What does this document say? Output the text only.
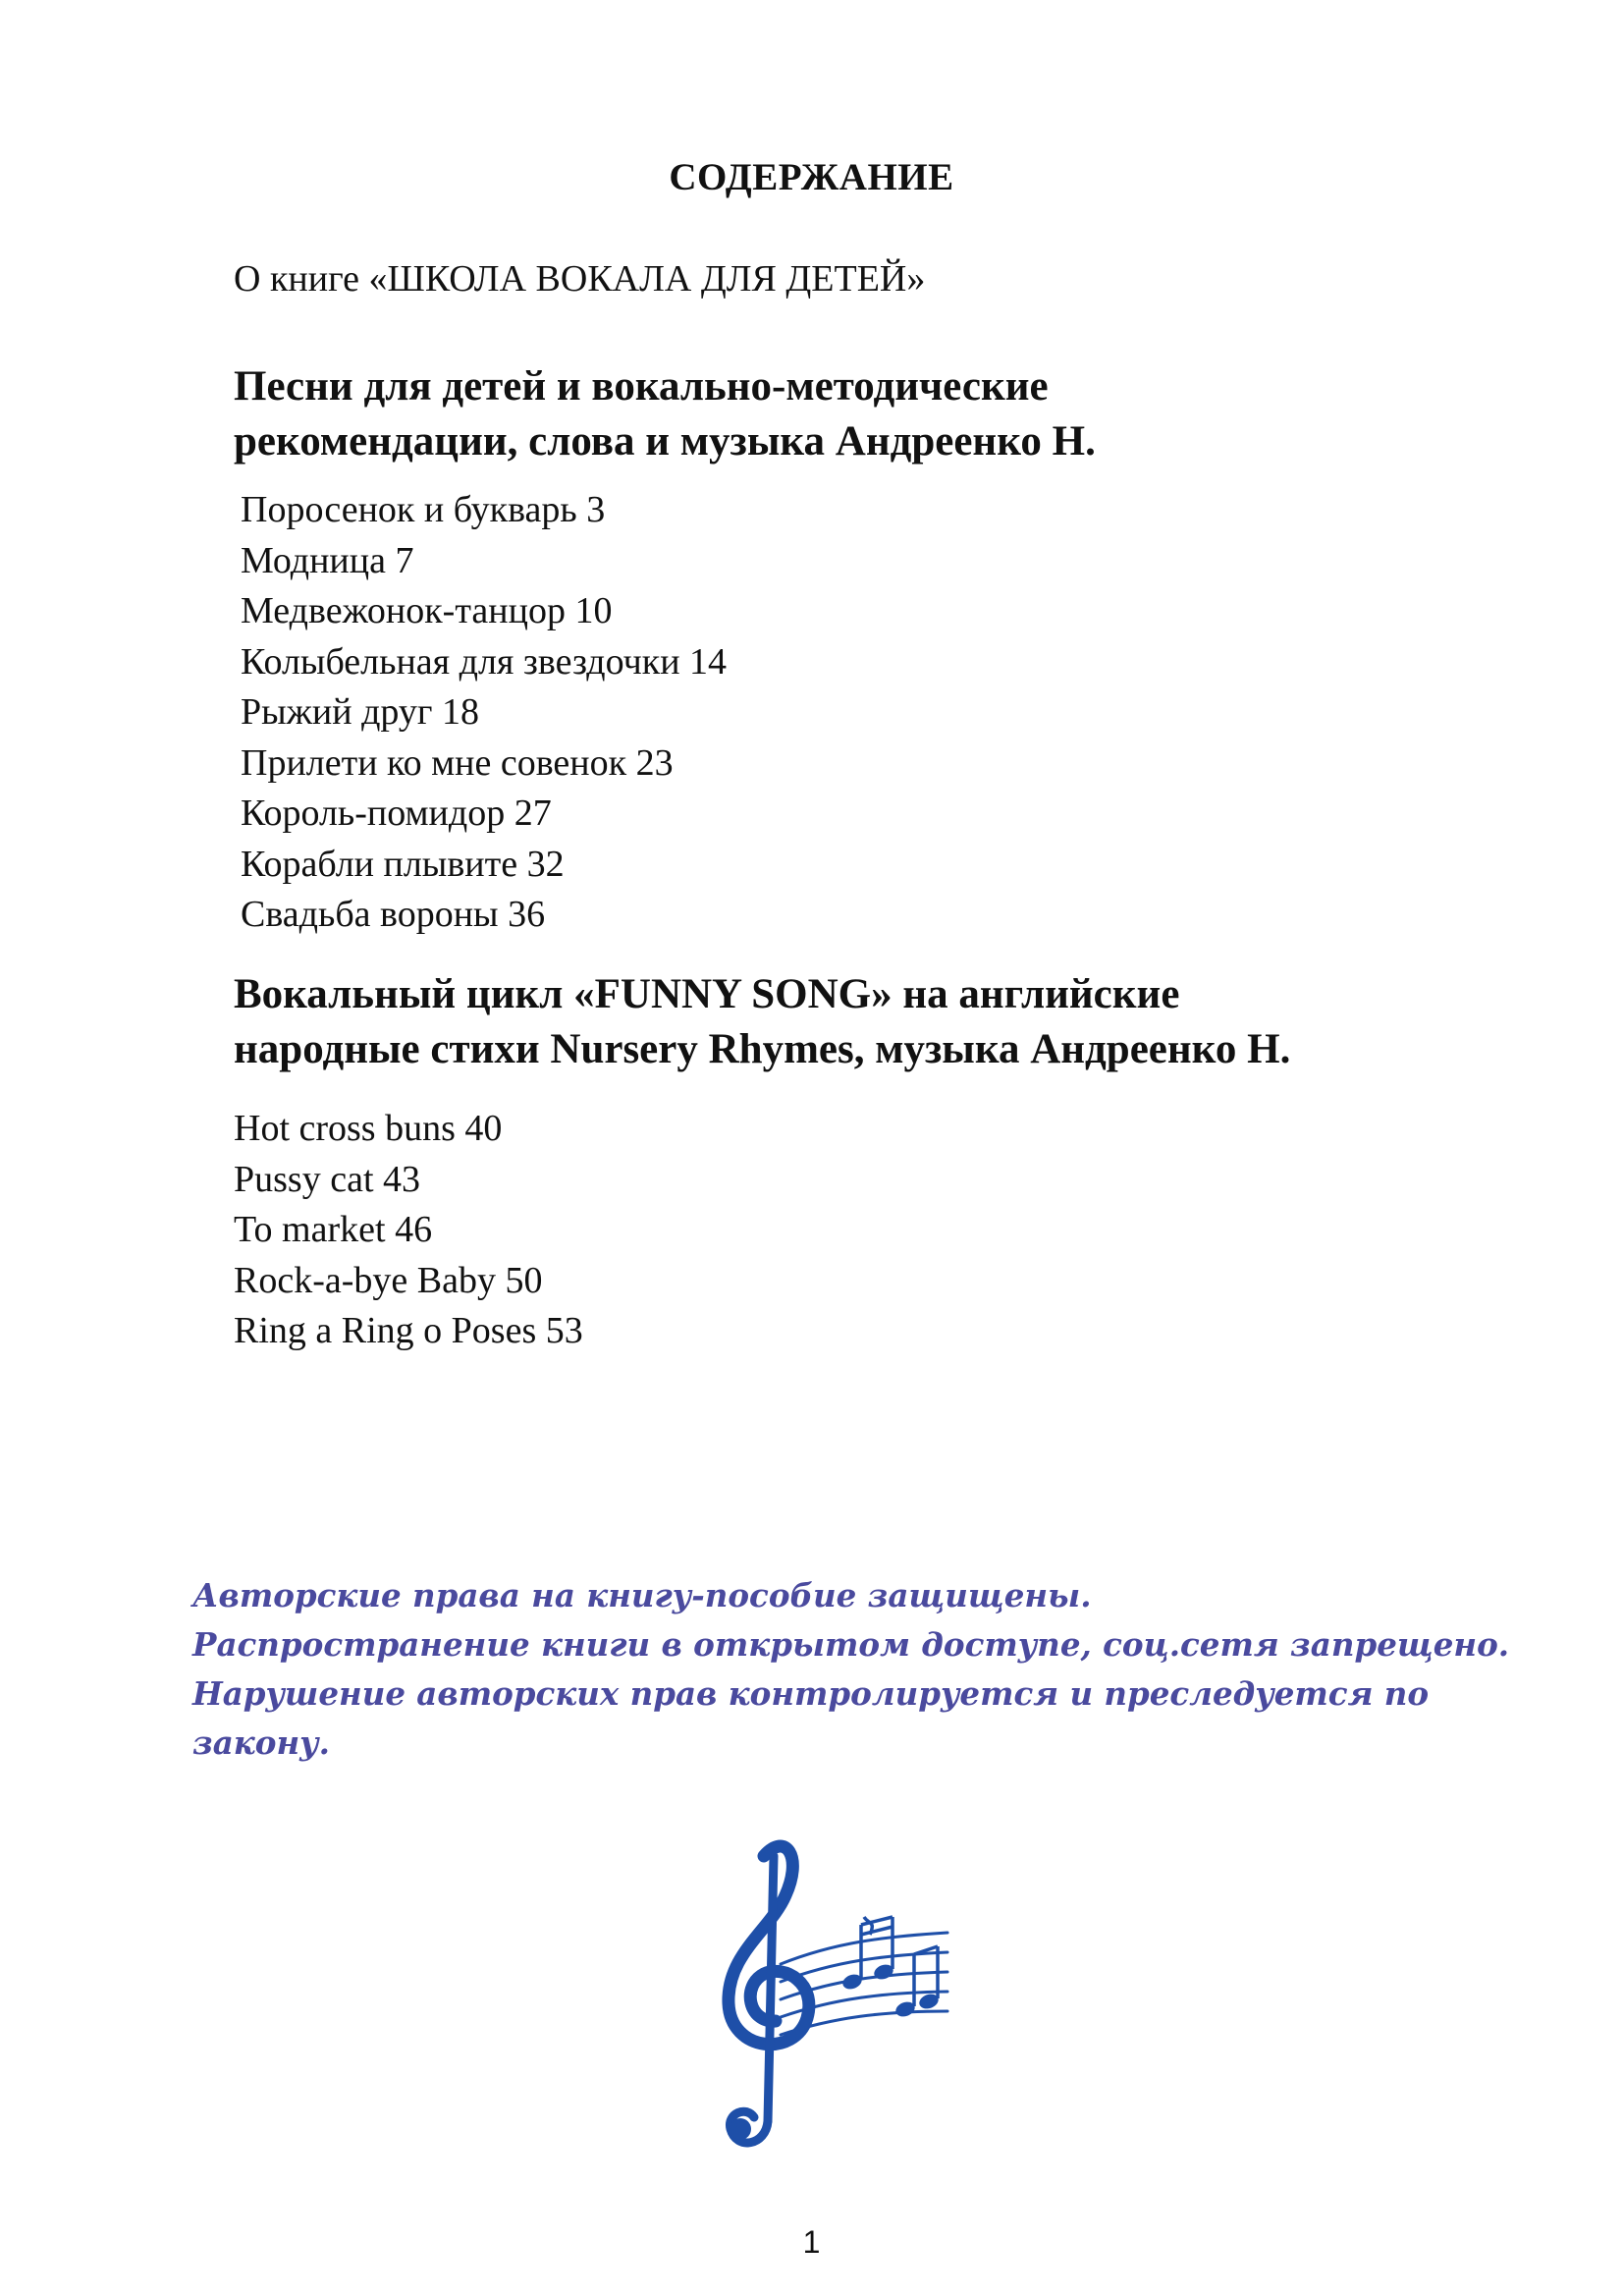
СОДЕРЖАНИЕ
О книге «ШКОЛА ВОКАЛА ДЛЯ ДЕТЕЙ»
Песни для детей и вокально-методические
рекомендации, слова и музыка Андреенко Н.
Поросенок и букварь 3
Модница 7
Медвежонок-танцор 10
Колыбельная для звездочки 14
Рыжий друг 18
Прилети ко мне совенок 23
Король-помидор 27
Корабли плывите 32
Свадьба вороны 36
Вокальный цикл «FUNNY SONG» на английские
народные стихи Nursery Rhymes, музыка Андреенко Н.
Hot cross buns 40
Pussy cat 43
To market 46
Rock-a-bye Baby 50
Ring a Ring o Poses 53
Авторские права на книгу-пособие защищены.
Распространение книги в открытом доступе, соц.сетя запрещено.
Нарушение авторских прав контролируется и преследуется по
закону.
1
